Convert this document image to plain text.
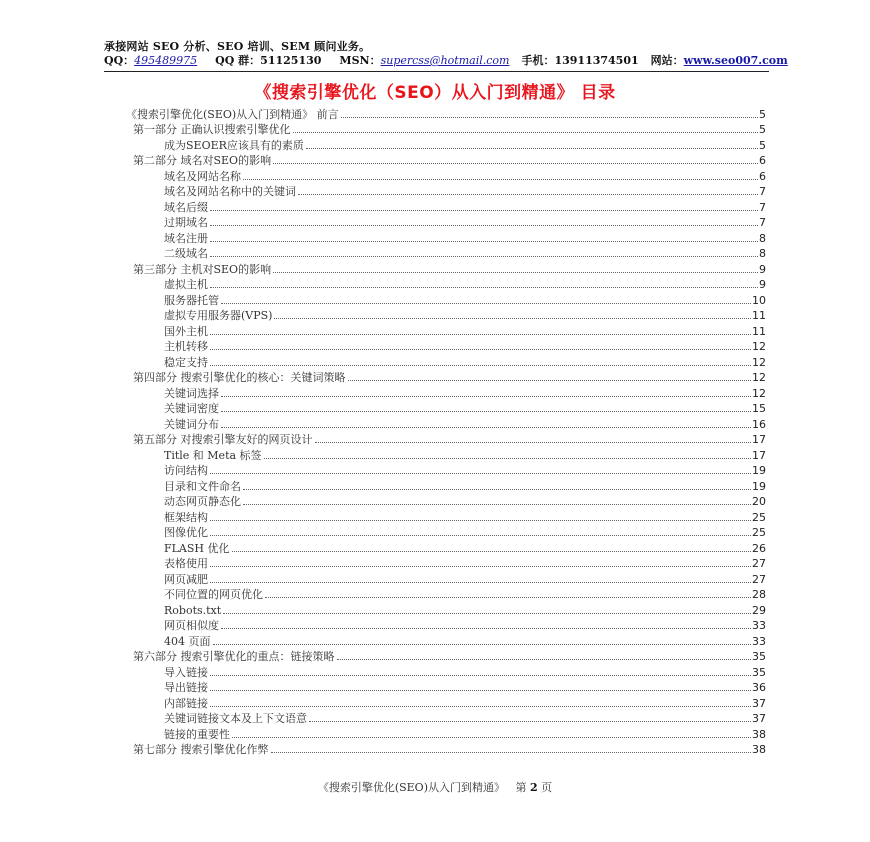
承接网站 SEO 分析、SEO 培训、SEM 顾问业务。
QQ：495489975 QQ 群：51125130 MSN：supercss@hotmail.com 手机：13911374501 网站：www.seo007.com
《搜索引擎优化（SEO）从入门到精通》 目录
《搜索引擎优化(SEO)从入门到精通》 前言	5
第一部分 正确认识搜索引擎优化	5
成为SEOER应该具有的素质	5
第二部分 域名对SEO的影响	6
域名及网站名称	6
域名及网站名称中的关键词	7
域名后缀	7
过期域名	7
域名注册	8
二级域名	8
第三部分 主机对SEO的影响	9
虚拟主机	9
服务器托管	10
虚拟专用服务器(VPS)	11
国外主机	11
主机转移	12
稳定支持	12
第四部分 搜索引擎优化的核心：关键词策略	12
关键词选择	12
关键词密度	15
关键词分布	16
第五部分 对搜索引擎友好的网页设计	17
Title 和 Meta 标签	17
访问结构	19
目录和文件命名	19
动态网页静态化	20
框架结构	25
图像优化	25
FLASH 优化	26
表格使用	27
网页减肥	27
不同位置的网页优化	28
Robots.txt	29
网页相似度	33
404 页面	33
第六部分 搜索引擎优化的重点：链接策略	35
导入链接	35
导出链接	36
内部链接	37
关键词链接文本及上下文语意	37
链接的重要性	38
第七部分 搜索引擎优化作弊	38
《搜索引擎优化(SEO)从入门到精通》 第 2 页
